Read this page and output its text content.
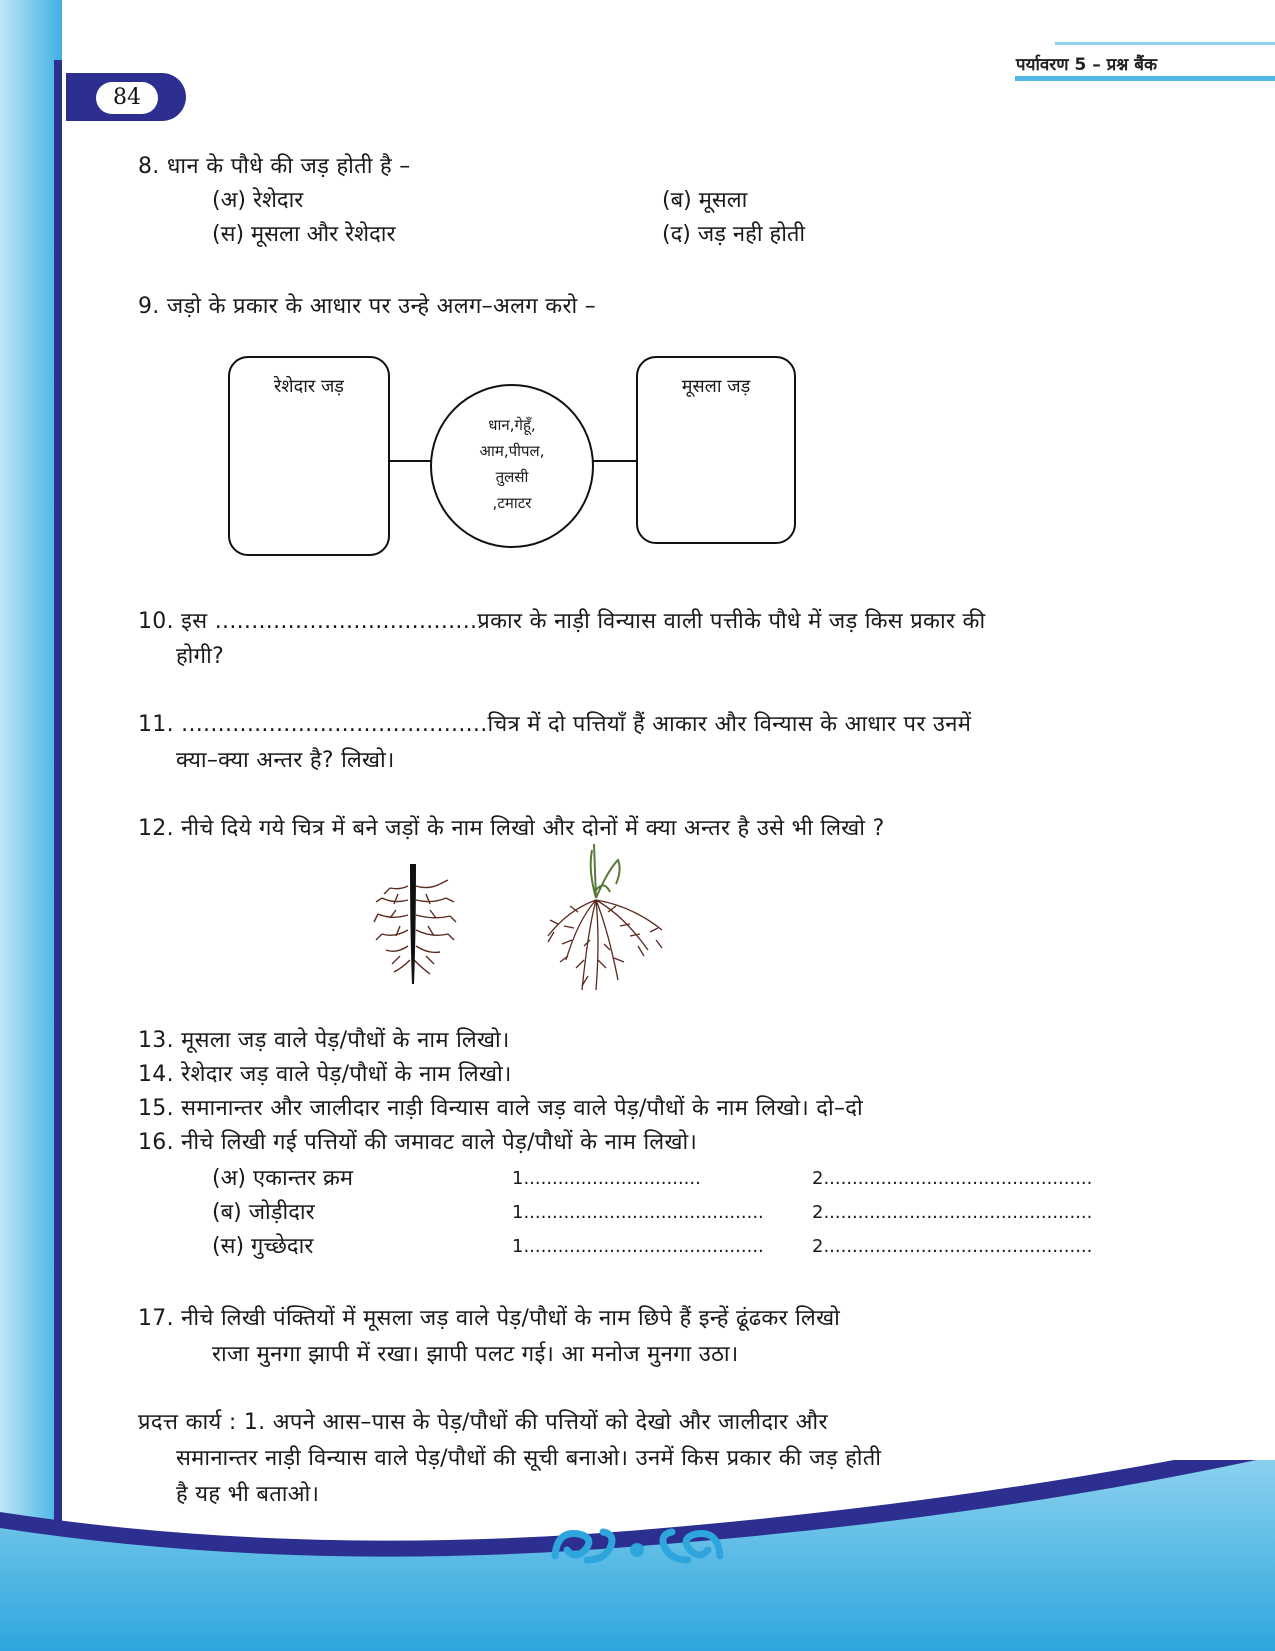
पर्यावरण 5 – प्रश्न बैंक
84
8. धान के पौधे की जड़ होती है –
(अ) रेशेदार	(ब) मूसला
(स) मूसला और रेशेदार	(द) जड़ नही होती
9. जड़ो के प्रकार के आधार पर उन्हे अलग–अलग करो –
रेशेदार जड़	मूसला जड़
धान,गेहूँ,
आम,पीपल,
तुलसी
,टमाटर
10. इस ....................................प्रकार के नाड़ी विन्यास वाली पत्तीके पौधे में जड़ किस प्रकार की
होगी?
11. ..........................................चित्र में दो पत्तियाँ हैं आकार और विन्यास के आधार पर उनमें
क्या–क्या अन्तर है? लिखो।
12. नीचे दिये गये चित्र में बने जड़ों के नाम लिखो और दोनों में क्या अन्तर है उसे भी लिखो ?
13. मूसला जड़ वाले पेड़/पौधों के नाम लिखो।
14. रेशेदार जड़ वाले पेड़/पौधों के नाम लिखो।
15. समानान्तर और जालीदार नाड़ी विन्यास वाले जड़ वाले पेड़/पौधों के नाम लिखो। दो–दो
16. नीचे लिखी गई पत्तियों की जमावट वाले पेड़/पौधों के नाम लिखो।
(अ) एकान्तर क्रम	1...............................	2...............................................
(ब) जोड़ीदार	1..........................................	2...............................................
(स) गुच्छेदार	1..........................................	2...............................................
17. नीचे लिखी पंक्तियों में मूसला जड़ वाले पेड़/पौधों के नाम छिपे हैं इन्हें ढूंढकर लिखो
राजा मुनगा झापी में रखा। झापी पलट गई। आ मनोज मुनगा उठा।
प्रदत्त कार्य : 1. अपने आस–पास के पेड़/पौधों की पत्तियों को देखो और जालीदार और
समानान्तर नाड़ी विन्यास वाले पेड़/पौधों की सूची बनाओ। उनमें किस प्रकार की जड़ होती
है यह भी बताओ।
